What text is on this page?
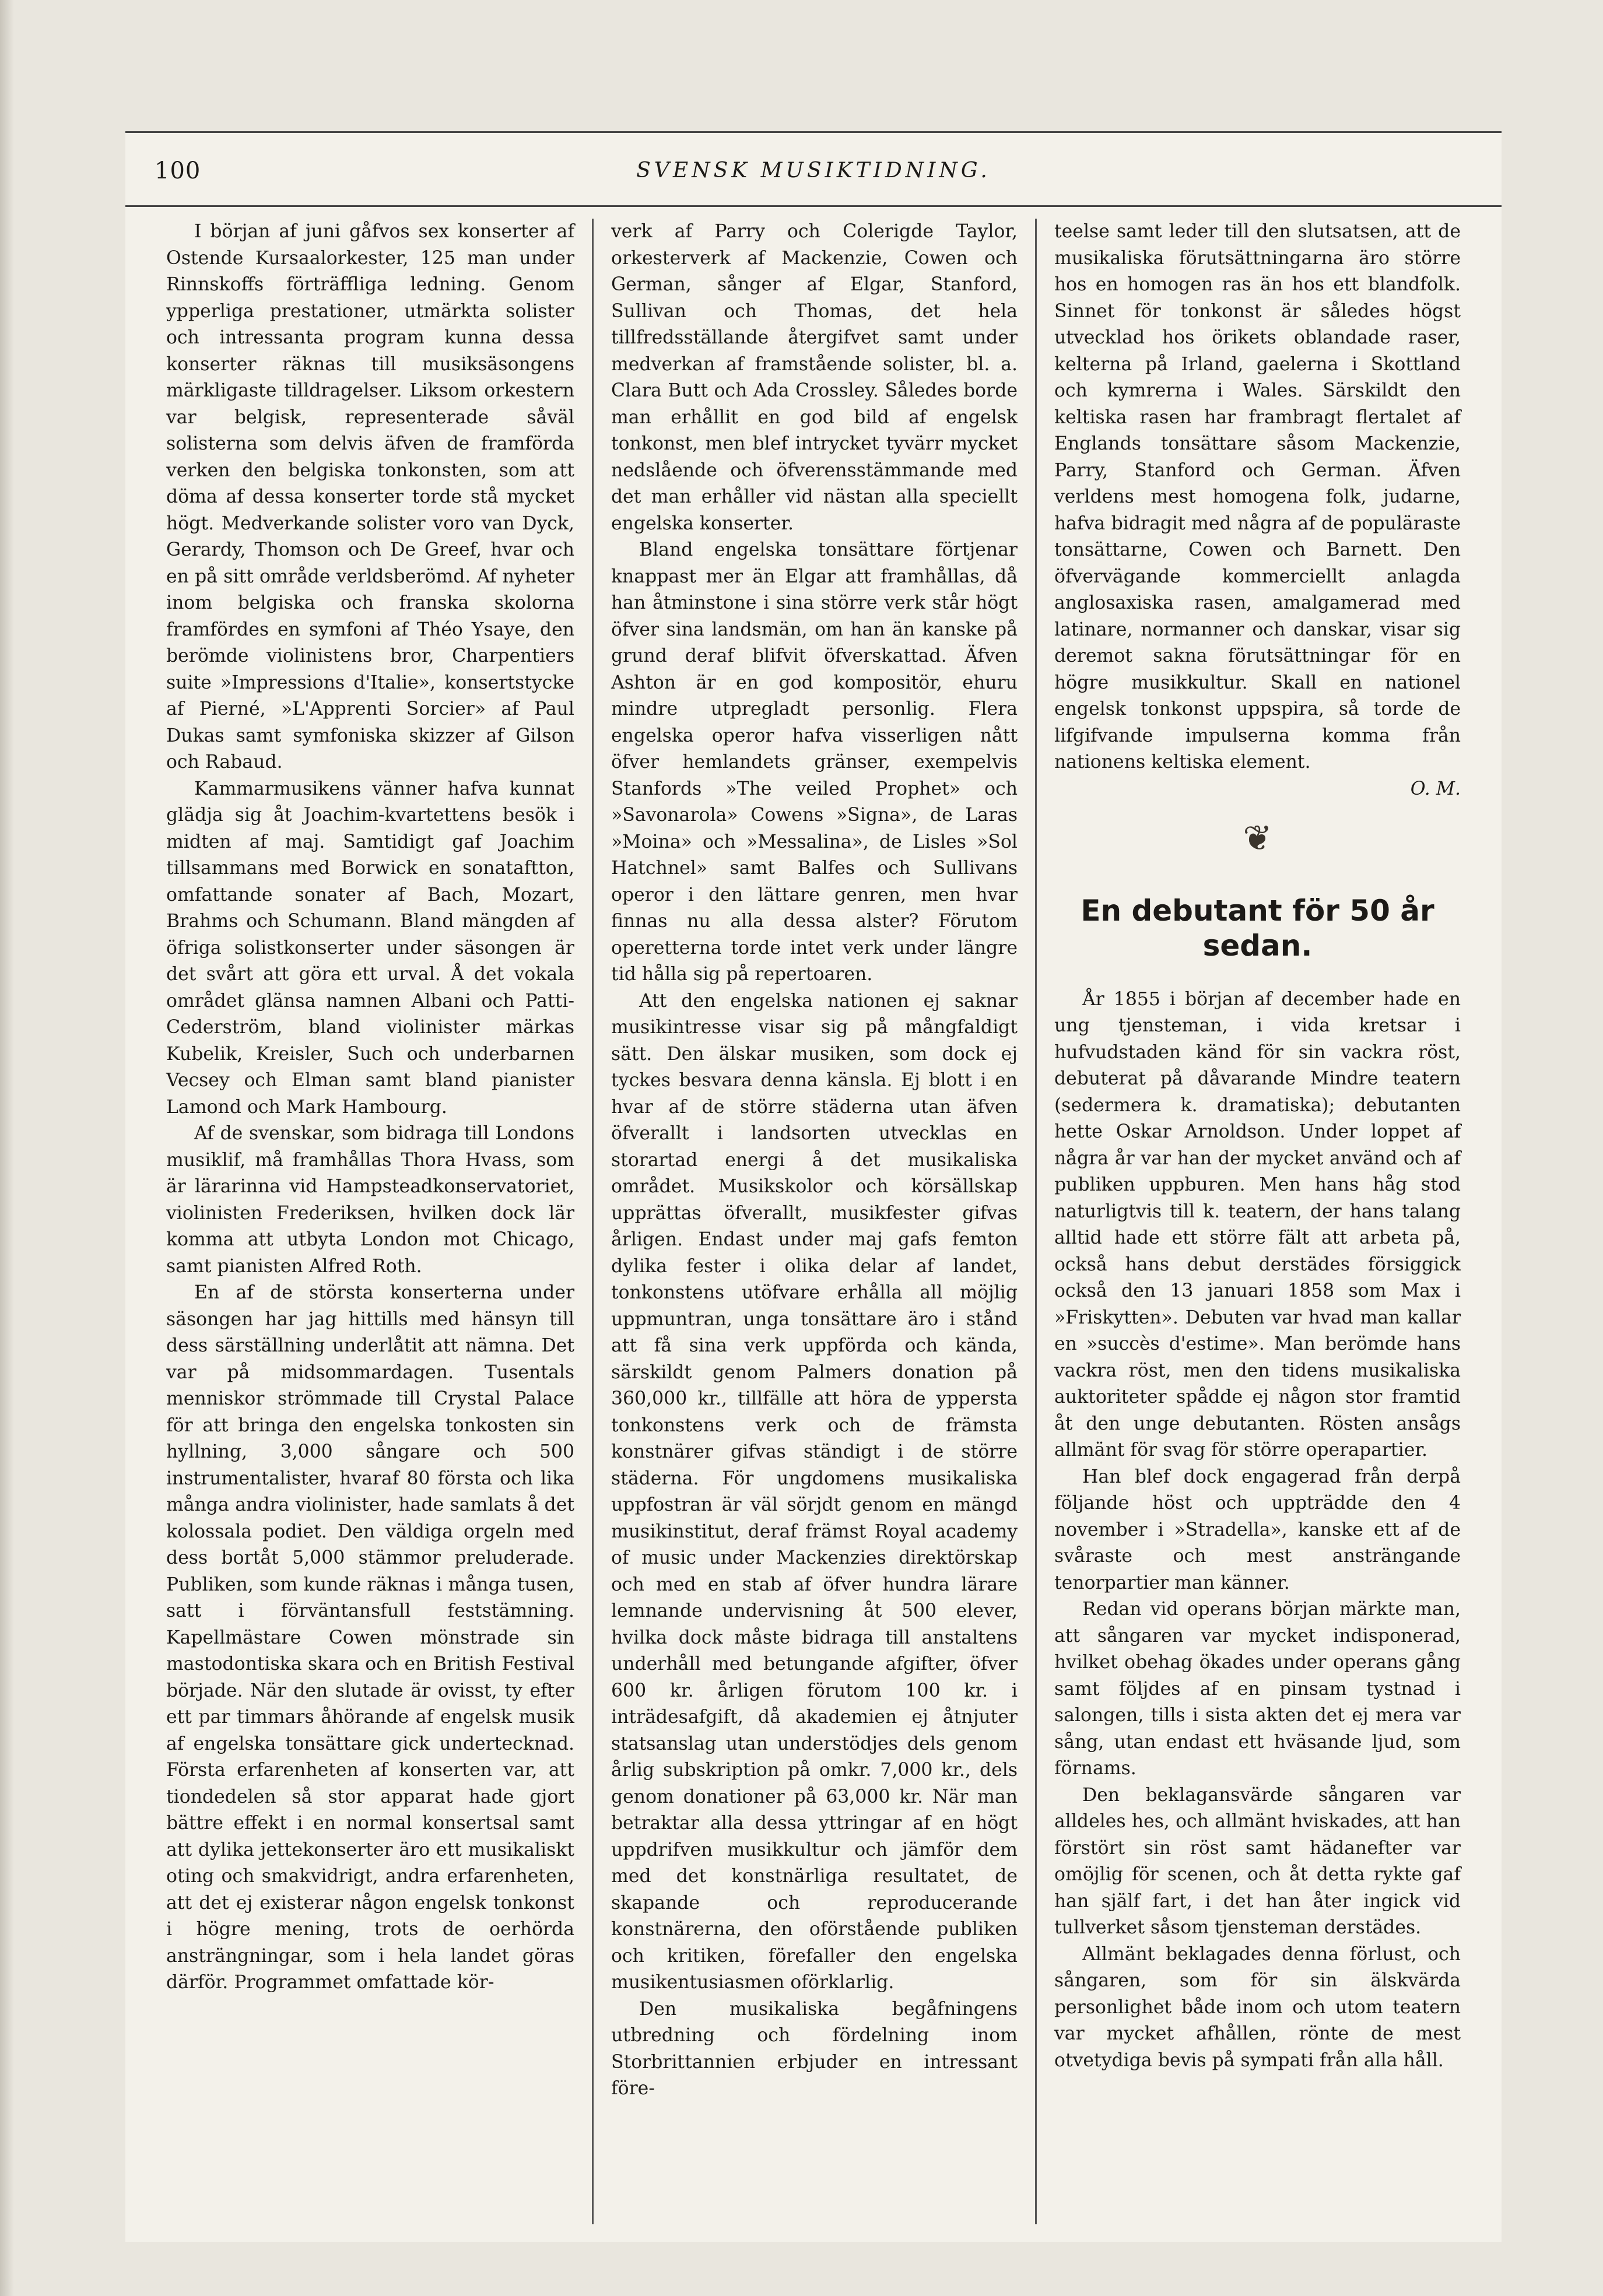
100	SVENSK MUSIKTIDNING.

I början af juni gåfvos sex konserter af Ostende Kursaalorkester, 125 man under Rinnskoffs förträffliga ledning. Genom ypperliga prestationer, utmärkta solister och intressanta program kunna dessa konserter räknas till musiksäsongens märkligaste tilldragelser. Liksom orkestern var belgisk, representerade såväl solisterna som delvis äfven de framförda verken den belgiska tonkonsten, som att döma af dessa konserter torde stå mycket högt. Medverkande solister voro van Dyck, Gerardy, Thomson och De Greef, hvar och en på sitt område verldsberömd. Af nyheter inom belgiska och franska skolorna framfördes en symfoni af Théo Ysaye, den berömde violinistens bror, Charpentiers suite »Impressions d'Italie», konsertstycke af Pierné, »L'Apprenti Sorcier» af Paul Dukas samt symfoniska skizzer af Gilson och Rabaud.

Kammarmusikens vänner hafva kunnat glädja sig åt Joachim-kvartettens besök i midten af maj. Samtidigt gaf Joachim tillsammans med Borwick en sonataftton, omfattande sonater af Bach, Mozart, Brahms och Schumann. Bland mängden af öfriga solistkonserter under säsongen är det svårt att göra ett urval. Å det vokala området glänsa namnen Albani och Patti-Cederström, bland violinister märkas Kubelik, Kreisler, Such och underbarnen Vecsey och Elman samt bland pianister Lamond och Mark Hambourg.

Af de svenskar, som bidraga till Londons musiklif, må framhållas Thora Hvass, som är lärarinna vid Hampsteadkonservatoriet, violinisten Frederiksen, hvilken dock lär komma att utbyta London mot Chicago, samt pianisten Alfred Roth.

En af de största konserterna under säsongen har jag hittills med hänsyn till dess särställning underlåtit att nämna. Det var på midsommardagen. Tusentals menniskor strömmade till Crystal Palace för att bringa den engelska tonkosten sin hyllning, 3,000 sångare och 500 instrumentalister, hvaraf 80 första och lika många andra violinister, hade samlats å det kolossala podiet. Den väldiga orgeln med dess bortåt 5,000 stämmor preluderade. Publiken, som kunde räknas i många tusen, satt i förväntansfull feststämning. Kapellmästare Cowen mönstrade sin mastodontiska skara och en British Festival började. När den slutade är ovisst, ty efter ett par timmars åhörande af engelsk musik af engelska tonsättare gick undertecknad. Första erfarenheten af konserten var, att tiondedelen så stor apparat hade gjort bättre effekt i en normal konsertsal samt att dylika jettekonserter äro ett musikaliskt oting och smakvidrigt, andra erfarenheten, att det ej existerar någon engelsk tonkonst i högre mening, trots de oerhörda ansträngningar, som i hela landet göras därför. Programmet omfattade kör-

verk af Parry och Colerigde Taylor, orkesterverk af Mackenzie, Cowen och German, sånger af Elgar, Stanford, Sullivan och Thomas, det hela tillfredsställande återgifvet samt under medverkan af framstående solister, bl. a. Clara Butt och Ada Crossley. Således borde man erhållit en god bild af engelsk tonkonst, men blef intrycket tyvärr mycket nedslående och öfverensstämmande med det man erhåller vid nästan alla speciellt engelska konserter.

Bland engelska tonsättare förtjenar knappast mer än Elgar att framhållas, då han åtminstone i sina större verk står högt öfver sina landsmän, om han än kanske på grund deraf blifvit öfverskattad. Äfven Ashton är en god kompositör, ehuru mindre utpregladt personlig. Flera engelska operor hafva visserligen nått öfver hemlandets gränser, exempelvis Stanfords »The veiled Prophet» och »Savonarola» Cowens »Signa», de Laras »Moina» och »Messalina», de Lisles »Sol Hatchnel» samt Balfes och Sullivans operor i den lättare genren, men hvar finnas nu alla dessa alster? Förutom operetterna torde intet verk under längre tid hålla sig på repertoaren.

Att den engelska nationen ej saknar musikintresse visar sig på mångfaldigt sätt. Den älskar musiken, som dock ej tyckes besvara denna känsla. Ej blott i en hvar af de större städerna utan äfven öfverallt i landsorten utvecklas en storartad energi å det musikaliska området. Musikskolor och körsällskap upprättas öfverallt, musikfester gifvas årligen. Endast under maj gafs femton dylika fester i olika delar af landet, tonkonstens utöfvare erhålla all möjlig uppmuntran, unga tonsättare äro i stånd att få sina verk uppförda och kända, särskildt genom Palmers donation på 360,000 kr., tillfälle att höra de yppersta tonkonstens verk och de främsta konstnärer gifvas ständigt i de större städerna. För ungdomens musikaliska uppfostran är väl sörjdt genom en mängd musikinstitut, deraf främst Royal academy of music under Mackenzies direktörskap och med en stab af öfver hundra lärare lemnande undervisning åt 500 elever, hvilka dock måste bidraga till anstaltens underhåll med betungande afgifter, öfver 600 kr. årligen förutom 100 kr. i inträdesafgift, då akademien ej åtnjuter statsanslag utan understödjes dels genom årlig subskription på omkr. 7,000 kr., dels genom donationer på 63,000 kr. När man betraktar alla dessa yttringar af en högt uppdrifven musikkultur och jämför dem med det konstnärliga resultatet, de skapande och reproducerande konstnärerna, den oförstående publiken och kritiken, förefaller den engelska musikentusiasmen oförklarlig.

Den musikaliska begåfningens utbredning och fördelning inom Storbrittannien erbjuder en intressant före-

teelse samt leder till den slutsatsen, att de musikaliska förutsättningarna äro större hos en homogen ras än hos ett blandfolk. Sinnet för tonkonst är således högst utvecklad hos örikets oblandade raser, kelterna på Irland, gaelerna i Skottland och kymrerna i Wales. Särskildt den keltiska rasen har frambragt flertalet af Englands tonsättare såsom Mackenzie, Parry, Stanford och German. Äfven verldens mest homogena folk, judarne, hafva bidragit med några af de populäraste tonsättarne, Cowen och Barnett. Den öfvervägande kommerciellt anlagda anglosaxiska rasen, amalgamerad med latinare, normanner och danskar, visar sig deremot sakna förutsättningar för en högre musikkultur. Skall en nationel engelsk tonkonst uppspira, så torde de lifgifvande impulserna komma från nationens keltiska element.

O. M.
❦
En debutant för 50 år sedan.

År 1855 i början af december hade en ung tjensteman, i vida kretsar i hufvudstaden känd för sin vackra röst, debuterat på dåvarande Mindre teatern (sedermera k. dramatiska); debutanten hette Oskar Arnoldson. Under loppet af några år var han der mycket använd och af publiken uppburen. Men hans håg stod naturligtvis till k. teatern, der hans talang alltid hade ett större fält att arbeta på, också hans debut derstädes försiggick också den 13 januari 1858 som Max i »Friskytten». Debuten var hvad man kallar en »succès d'estime». Man berömde hans vackra röst, men den tidens musikaliska auktoriteter spådde ej någon stor framtid åt den unge debutanten. Rösten ansågs allmänt för svag för större operapartier.

Han blef dock engagerad från derpå följande höst och uppträdde den 4 november i »Stradella», kanske ett af de svåraste och mest ansträngande tenorpartier man känner.

Redan vid operans början märkte man, att sångaren var mycket indisponerad, hvilket obehag ökades under operans gång samt följdes af en pinsam tystnad i salongen, tills i sista akten det ej mera var sång, utan endast ett hväsande ljud, som förnams.

Den beklagansvärde sångaren var alldeles hes, och allmänt hviskades, att han förstört sin röst samt hädanefter var omöjlig för scenen, och åt detta rykte gaf han själf fart, i det han åter ingick vid tullverket såsom tjensteman derstädes.

Allmänt beklagades denna förlust, och sångaren, som för sin älskvärda personlighet både inom och utom teatern var mycket afhållen, rönte de mest otvetydiga bevis på sympati från alla håll.
